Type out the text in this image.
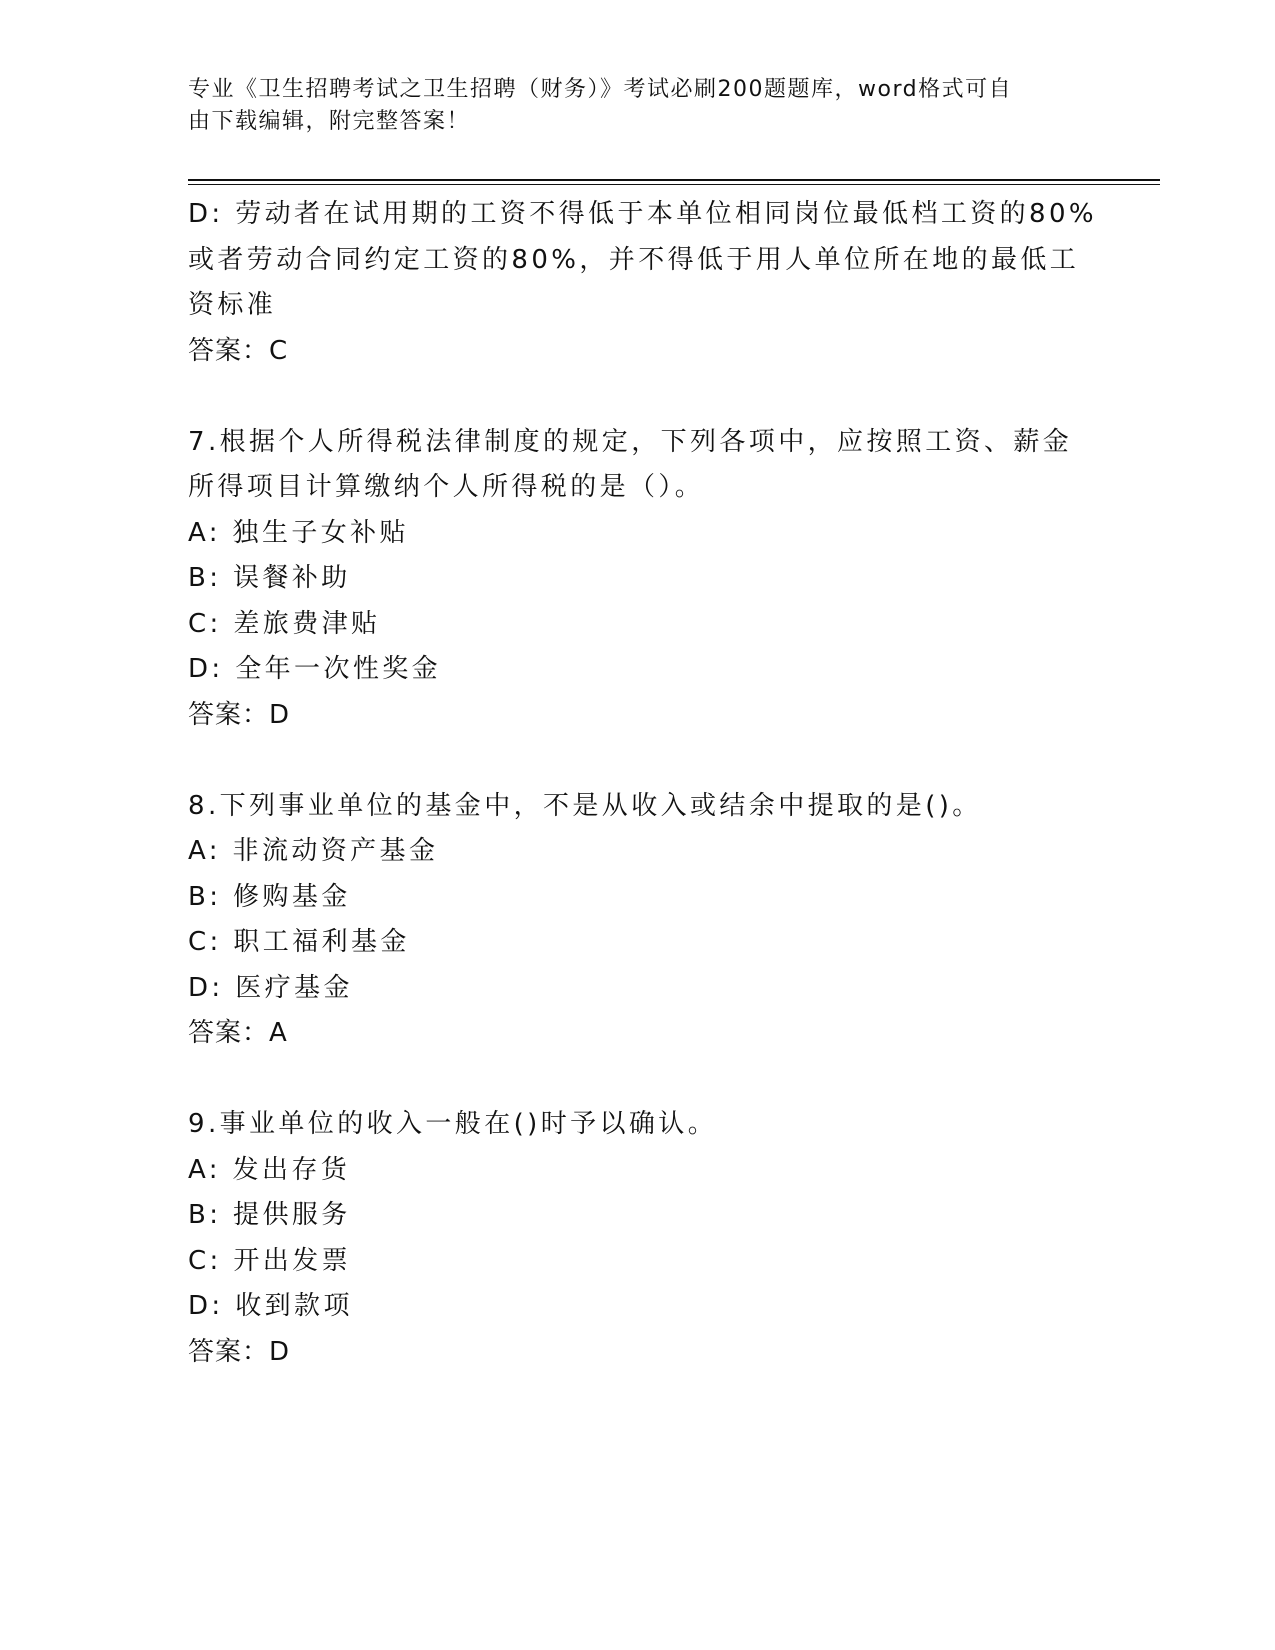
专业《卫生招聘考试之卫生招聘（财务）》考试必刷200题题库，word格式可自
由下载编辑，附完整答案！
D: 劳动者在试用期的工资不得低于本单位相同岗位最低档工资的80%
或者劳动合同约定工资的80%，并不得低于用人单位所在地的最低工
资标准
答案：C
7.根据个人所得税法律制度的规定，下列各项中，应按照工资、薪金
所得项目计算缴纳个人所得税的是（）。
A: 独生子女补贴
B: 误餐补助
C: 差旅费津贴
D: 全年一次性奖金
答案：D
8.下列事业单位的基金中，不是从收入或结余中提取的是()。
A: 非流动资产基金
B: 修购基金
C: 职工福利基金
D: 医疗基金
答案：A
9.事业单位的收入一般在()时予以确认。
A: 发出存货
B: 提供服务
C: 开出发票
D: 收到款项
答案：D
